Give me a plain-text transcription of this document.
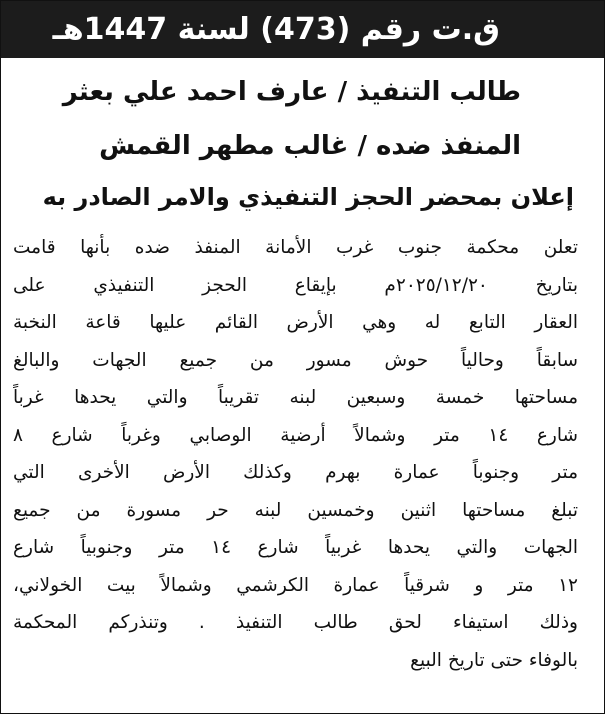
ق.ت رقم (473) لسنة 1447هـ
طالب التنفيذ / عارف احمد علي بعثر
المنفذ ضده / غالب مطهر القمش
إعلان بمحضر الحجز التنفيذي والامر الصادر به
تعلن محكمة جنوب غرب الأمانة المنفذ ضده بأنها قامت
بتاريخ ٢٠٢٥/١٢/٢٠م بإيقاع الحجز التنفيذي على
العقار التابع له وهي الأرض القائم عليها قاعة النخبة
سابقاً وحالياً حوش مسور من جميع الجهات والبالغ
مساحتها خمسة وسبعين لبنه تقريباً والتي يحدها غرباً
شارع ١٤ متر وشمالاً أرضية الوصابي وغرباً شارع ٨
متر وجنوباً عمارة بهرم وكذلك الأرض الأخرى التي
تبلغ مساحتها اثنين وخمسين لبنه حر مسورة من جميع
الجهات والتي يحدها غربياً شارع ١٤ متر وجنوبياً شارع
١٢ متر و شرقياً عمارة الكرشمي وشمالاً بيت الخولاني،
وذلك استيفاء لحق طالب التنفيذ . وتنذركم المحكمة
بالوفاء حتى تاريخ البيع
